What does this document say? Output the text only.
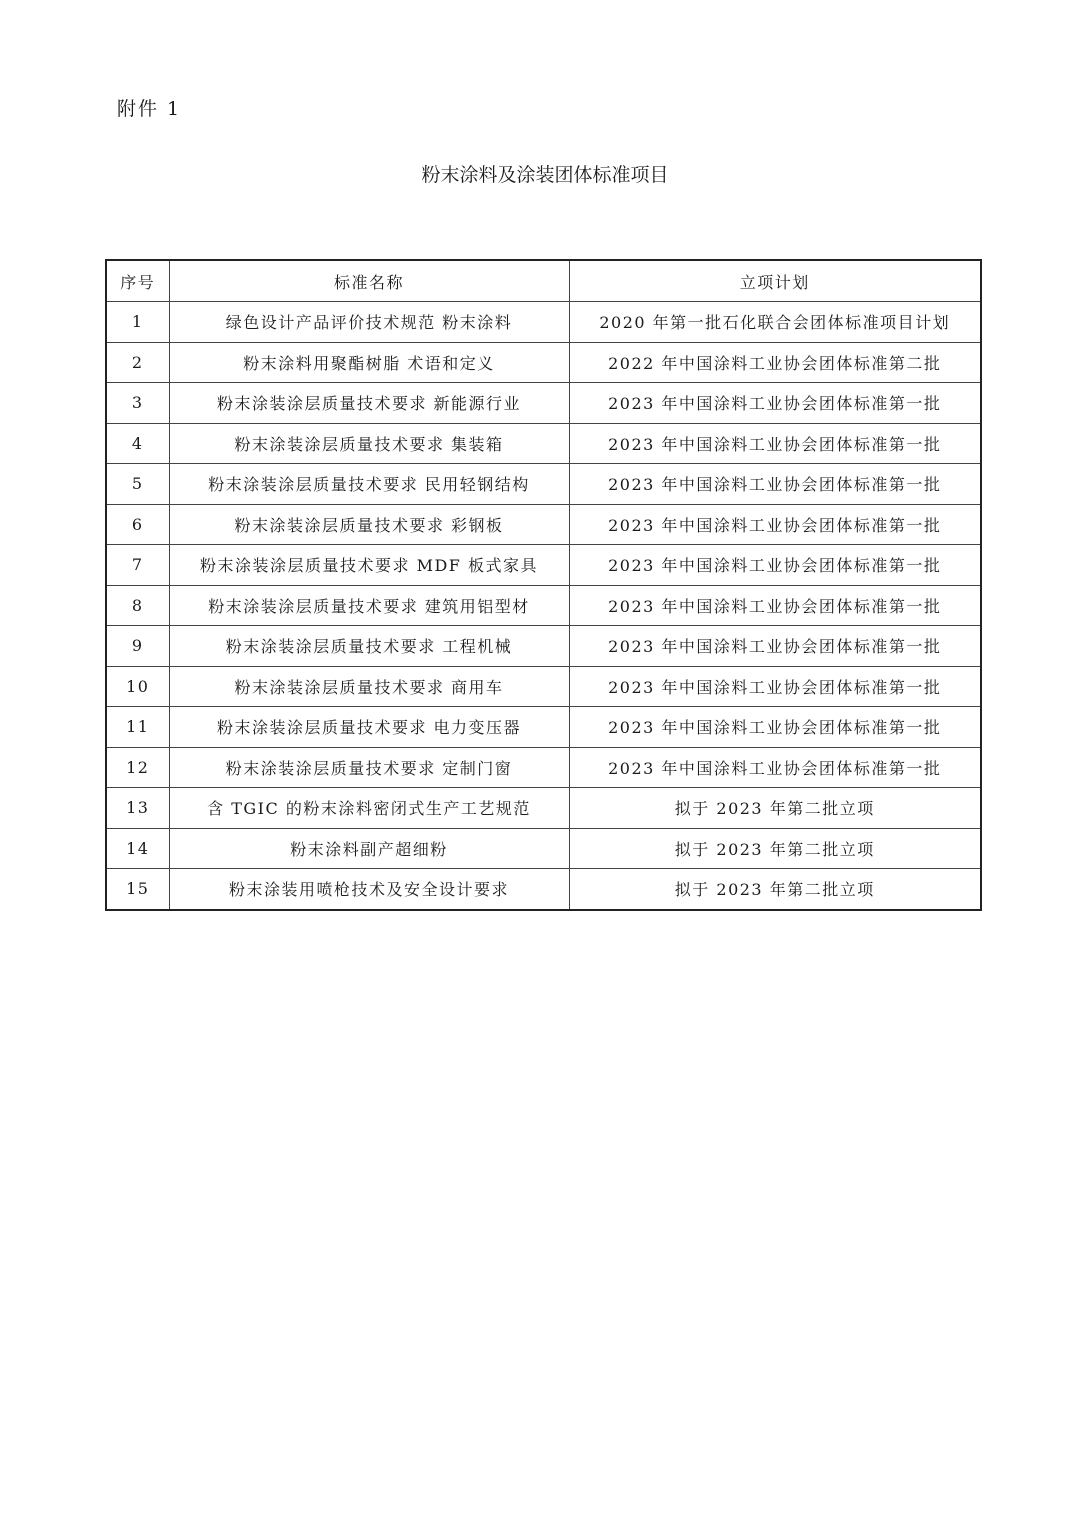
附件 1
粉末涂料及涂装团体标准项目
序号	标准名称	立项计划
1	绿色设计产品评价技术规范 粉末涂料	2020 年第一批石化联合会团体标准项目计划
2	粉末涂料用聚酯树脂 术语和定义	2022 年中国涂料工业协会团体标准第二批
3	粉末涂装涂层质量技术要求 新能源行业	2023 年中国涂料工业协会团体标准第一批
4	粉末涂装涂层质量技术要求 集装箱	2023 年中国涂料工业协会团体标准第一批
5	粉末涂装涂层质量技术要求 民用轻钢结构	2023 年中国涂料工业协会团体标准第一批
6	粉末涂装涂层质量技术要求 彩钢板	2023 年中国涂料工业协会团体标准第一批
7	粉末涂装涂层质量技术要求 MDF 板式家具	2023 年中国涂料工业协会团体标准第一批
8	粉末涂装涂层质量技术要求 建筑用铝型材	2023 年中国涂料工业协会团体标准第一批
9	粉末涂装涂层质量技术要求 工程机械	2023 年中国涂料工业协会团体标准第一批
10	粉末涂装涂层质量技术要求 商用车	2023 年中国涂料工业协会团体标准第一批
11	粉末涂装涂层质量技术要求 电力变压器	2023 年中国涂料工业协会团体标准第一批
12	粉末涂装涂层质量技术要求 定制门窗	2023 年中国涂料工业协会团体标准第一批
13	含 TGIC 的粉末涂料密闭式生产工艺规范	拟于 2023 年第二批立项
14	粉末涂料副产超细粉	拟于 2023 年第二批立项
15	粉末涂装用喷枪技术及安全设计要求	拟于 2023 年第二批立项
